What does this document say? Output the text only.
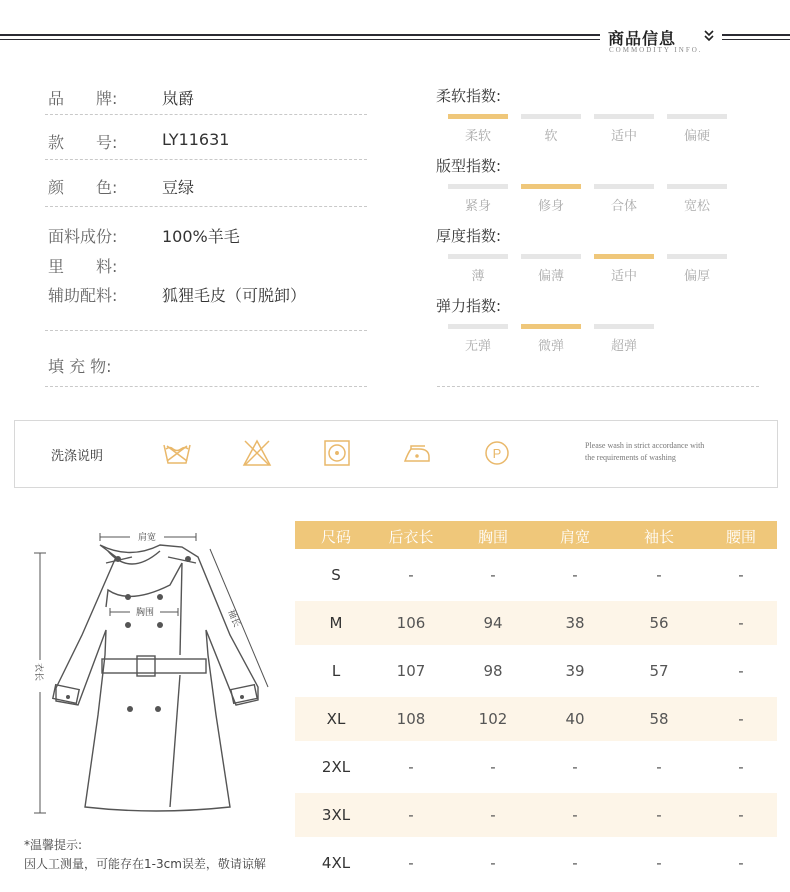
商品信息
COMMODITY INFO.
品　　牌:	岚爵
款　　号:	LY11631
颜　　色:	豆绿
面料成份:	100%羊毛
里　　料:
辅助配料:	狐狸毛皮（可脱卸）
填 充 物:
柔软指数:
柔软	软	适中	偏硬
版型指数:
紧身	修身	合体	宽松
厚度指数:
薄	偏薄	适中	偏厚
弹力指数:
无弹	微弹	超弹
洗涤说明	P
Please wash in strict accordance with
the requirements of washing
肩宽
胸围	袖长
衣长
尺码	后衣长	胸围	肩宽	袖长	腰围
S	-	-	-	-	-
M	106	94	38	56	-
L	107	98	39	57	-
XL	108	102	40	58	-
2XL	-	-	-	-	-
3XL	-	-	-	-	-
4XL	-	-	-	-	-
*温馨提示:
因人工测量，可能存在1-3cm误差，敬请谅解
